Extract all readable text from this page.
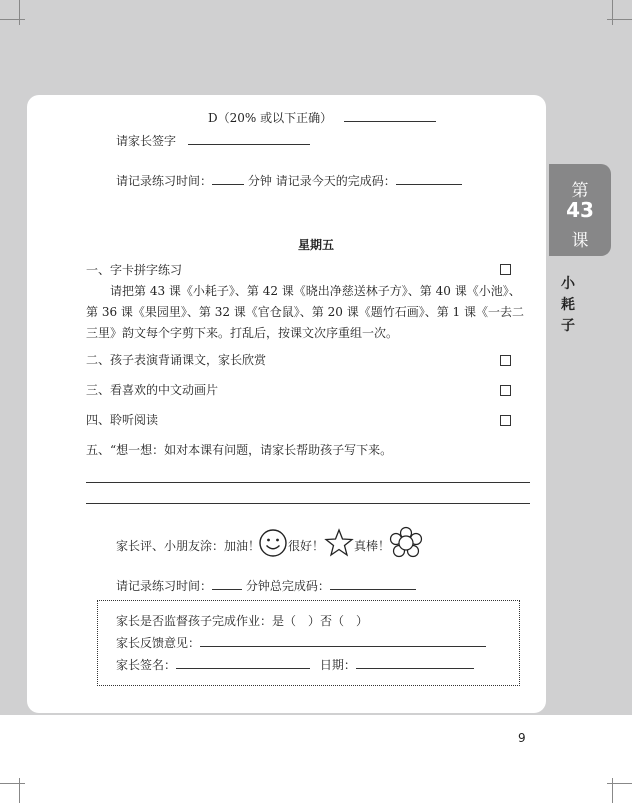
D（20% 或以下正确）
请家长签字
请记录练习时间：	分钟 请记录今天的完成码：
星期五
一、字卡拼字练习
请把第 43 课《小耗子》、第 42 课《晓出净慈送林子方》、第 40 课《小池》、第 36 课《果园里》、第 32 课《官仓鼠》、第 20 课《题竹石画》、第 1 课《一去二三里》韵文每个字剪下来。打乱后，按课文次序重组一次。
二、孩子表演背诵课文，家长欣赏
三、看喜欢的中文动画片
四、聆听阅读
五、“想一想：如对本课有问题，请家长帮助孩子写下来。
家长评、小朋友涂：加油！ 很好！ 真棒！
请记录练习时间：	分钟总完成码：
家长是否监督孩子完成作业：是（　）否（　）
家长反馈意见：
家长签名：	日期：
第
43
课
小
耗
子
9
